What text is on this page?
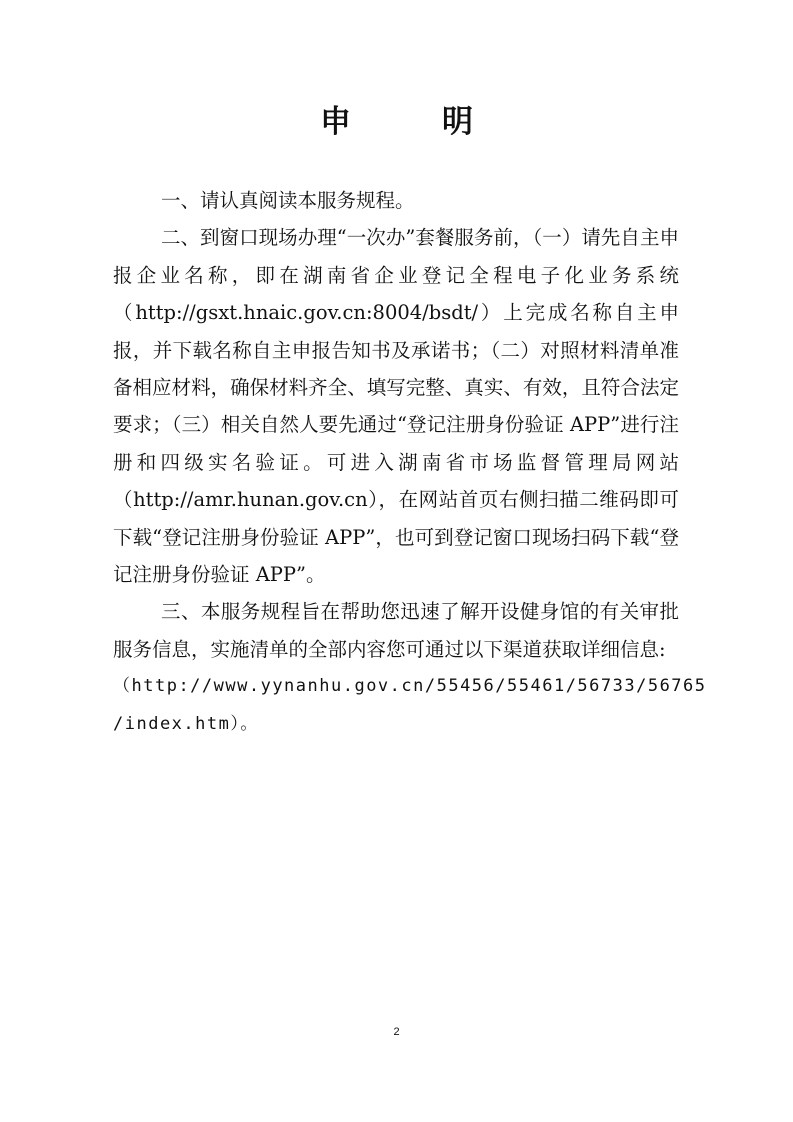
申　明

一、请认真阅读本服务规程。

二、到窗口现场办理“一次办”套餐服务前，（一）请先自主申报企业名称，即在湖南省企业登记全程电子化业务系统（http://gsxt.hnaic.gov.cn:8004/bsdt/）上完成名称自主申报，并下载名称自主申报告知书及承诺书；（二）对照材料清单准备相应材料，确保材料齐全、填写完整、真实、有效，且符合法定要求；（三）相关自然人要先通过“登记注册身份验证 APP”进行注册和四级实名验证。可进入湖南省市场监督管理局网站（http://amr.hunan.gov.cn），在网站首页右侧扫描二维码即可下载“登记注册身份验证 APP”，也可到登记窗口现场扫码下载“登记注册身份验证 APP”。

三、本服务规程旨在帮助您迅速了解开设健身馆的有关审批服务信息，实施清单的全部内容您可通过以下渠道获取详细信息:

（http://www.yynanhu.gov.cn/55456/55461/56733/56765

/index.htm）。

2
